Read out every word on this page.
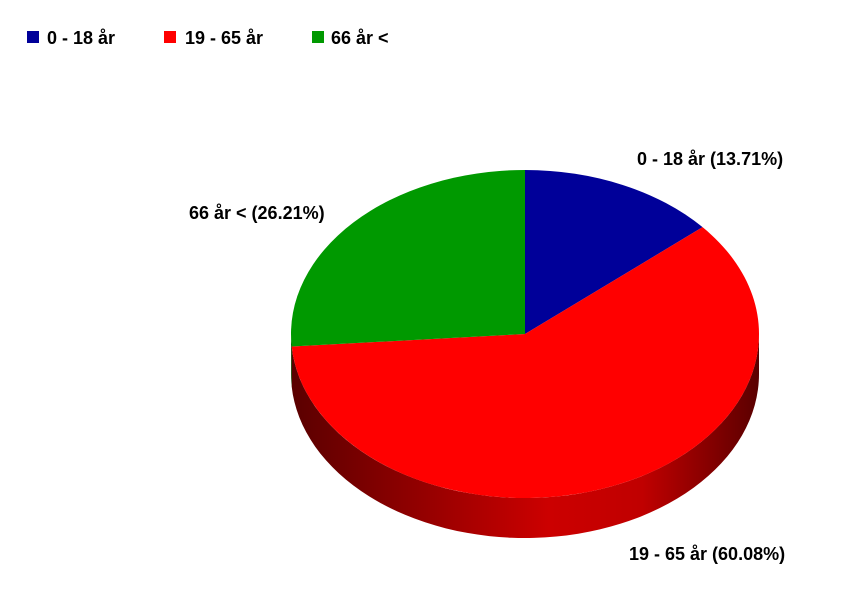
0 - 18 år	19 - 65 år	66 år <
0 - 18 år (13.71%)
19 - 65 år (60.08%)
66 år < (26.21%)
